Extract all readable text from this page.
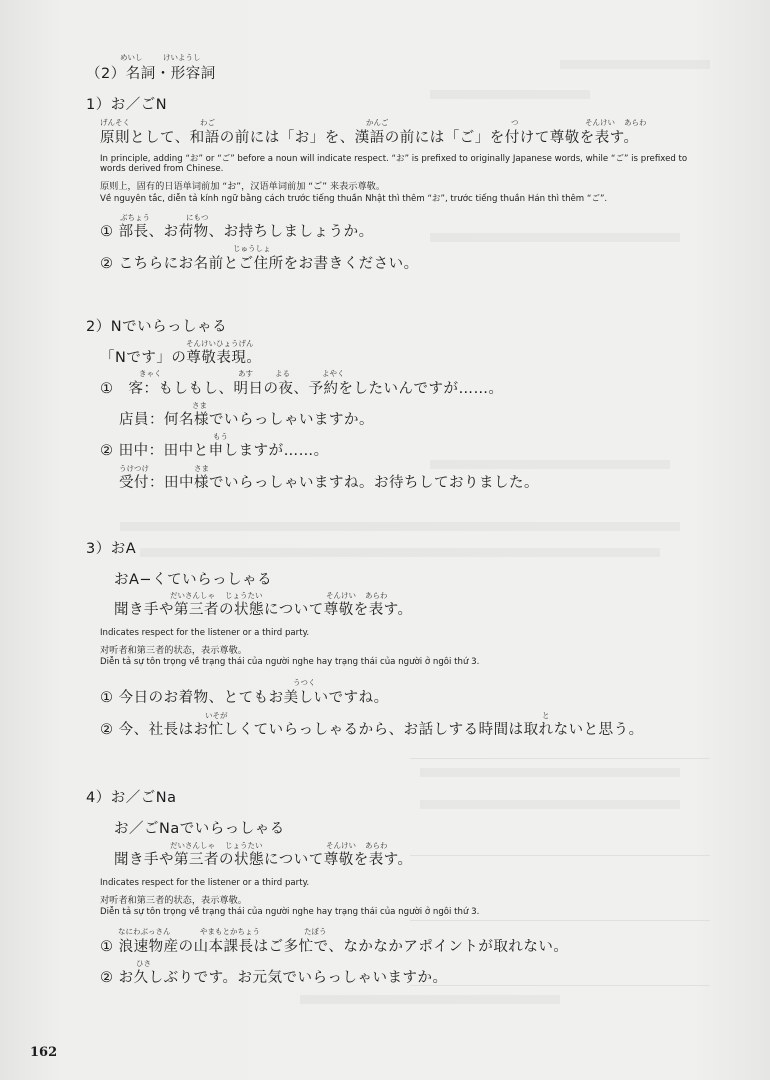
めいし	けいようし
（2）名詞・形容詞
1）お／ごN
げんそく	わご	かんご	つ	そんけい あらわ
原則として、和語の前には「お」を、漢語の前には「ご」を付けて尊敬を表す。
In principle, adding “お” or “ご” before a noun will indicate respect. “お” is prefixed to originally Japanese words, while “ご” is prefixed to
words derived from Chinese.
原则上，固有的日语单词前加 “お”，汉语单词前加 “ご” 来表示尊敬。
Về nguyên tắc, diễn tả kính ngữ bằng cách trước tiếng thuần Nhật thì thêm “お”, trước tiếng thuần Hán thì thêm “ご”.
ぶちょう	にもつ
① 部長、お荷物、お持ちしましょうか。
じゅうしょ
② こちらにお名前とご住所をお書きください。
2）Nでいらっしゃる
そんけいひょうげん
「Nです」の尊敬表現。
きゃく	あす	よる	よやく
①　客：もしもし、明日の夜、予約をしたいんですが……。
さま
店員：何名様でいらっしゃいますか。
もう
② 田中：田中と申しますが……。
うけつけ	さま
受付：田中様でいらっしゃいますね。お待ちしておりました。
3）おA
おA−くていらっしゃる
だいさんしゃ じょうたい	そんけい あらわ
聞き手や第三者の状態について尊敬を表す。
Indicates respect for the listener or a third party.
对听者和第三者的状态，表示尊敬。
Diễn tả sự tôn trọng về trạng thái của người nghe hay trạng thái của người ở ngôi thứ 3.
うつく
① 今日のお着物、とてもお美しいですね。
いそが	と
② 今、社長はお忙しくていらっしゃるから、お話しする時間は取れないと思う。
4）お／ごNa
お／ごNaでいらっしゃる
だいさんしゃ じょうたい	そんけい あらわ
聞き手や第三者の状態について尊敬を表す。
Indicates respect for the listener or a third party.
对听者和第三者的状态，表示尊敬。
Diễn tả sự tôn trọng về trạng thái của người nghe hay trạng thái của người ở ngôi thứ 3.
なにわぶっさん	やまもとかちょう	たぼう
① 浪速物産の山本課長はご多忙で、なかなかアポイントが取れない。
ひさ
② お久しぶりです。お元気でいらっしゃいますか。
162
